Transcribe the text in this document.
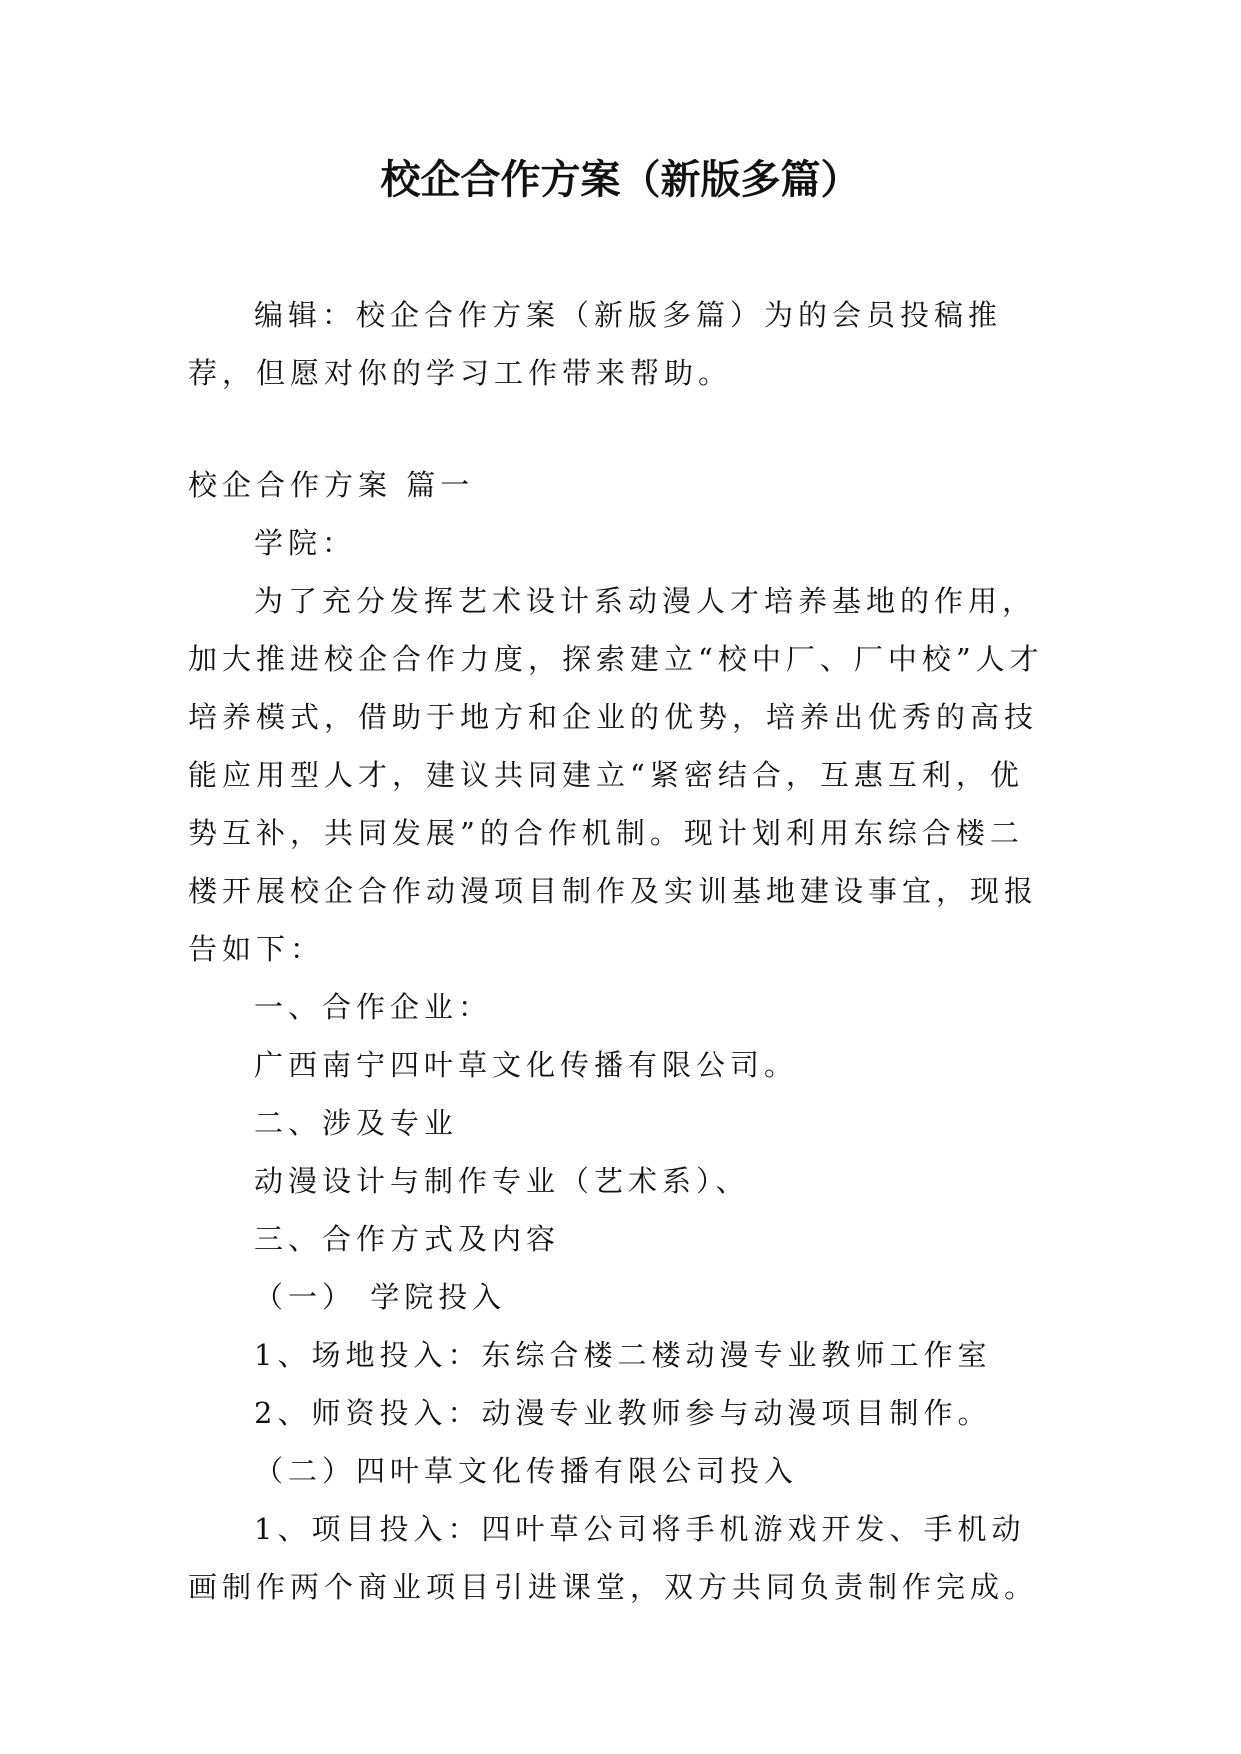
校企合作方案（新版多篇）

编辑：校企合作方案（新版多篇）为的会员投稿推荐，但愿对你的学习工作带来帮助。

校企合作方案 篇一

学院：

为了充分发挥艺术设计系动漫人才培养基地的作用，加大推进校企合作力度，探索建立“校中厂、厂中校”人才培养模式，借助于地方和企业的优势，培养出优秀的高技能应用型人才，建议共同建立“紧密结合，互惠互利，优势互补，共同发展”的合作机制。现计划利用东综合楼二楼开展校企合作动漫项目制作及实训基地建设事宜，现报告如下：

一、合作企业：

广西南宁四叶草文化传播有限公司。

二、涉及专业

动漫设计与制作专业（艺术系）、

三、合作方式及内容

（一） 学院投入

1、场地投入：东综合楼二楼动漫专业教师工作室

2、师资投入：动漫专业教师参与动漫项目制作。

（二）四叶草文化传播有限公司投入

1、项目投入：四叶草公司将手机游戏开发、手机动画制作两个商业项目引进课堂，双方共同负责制作完成。
